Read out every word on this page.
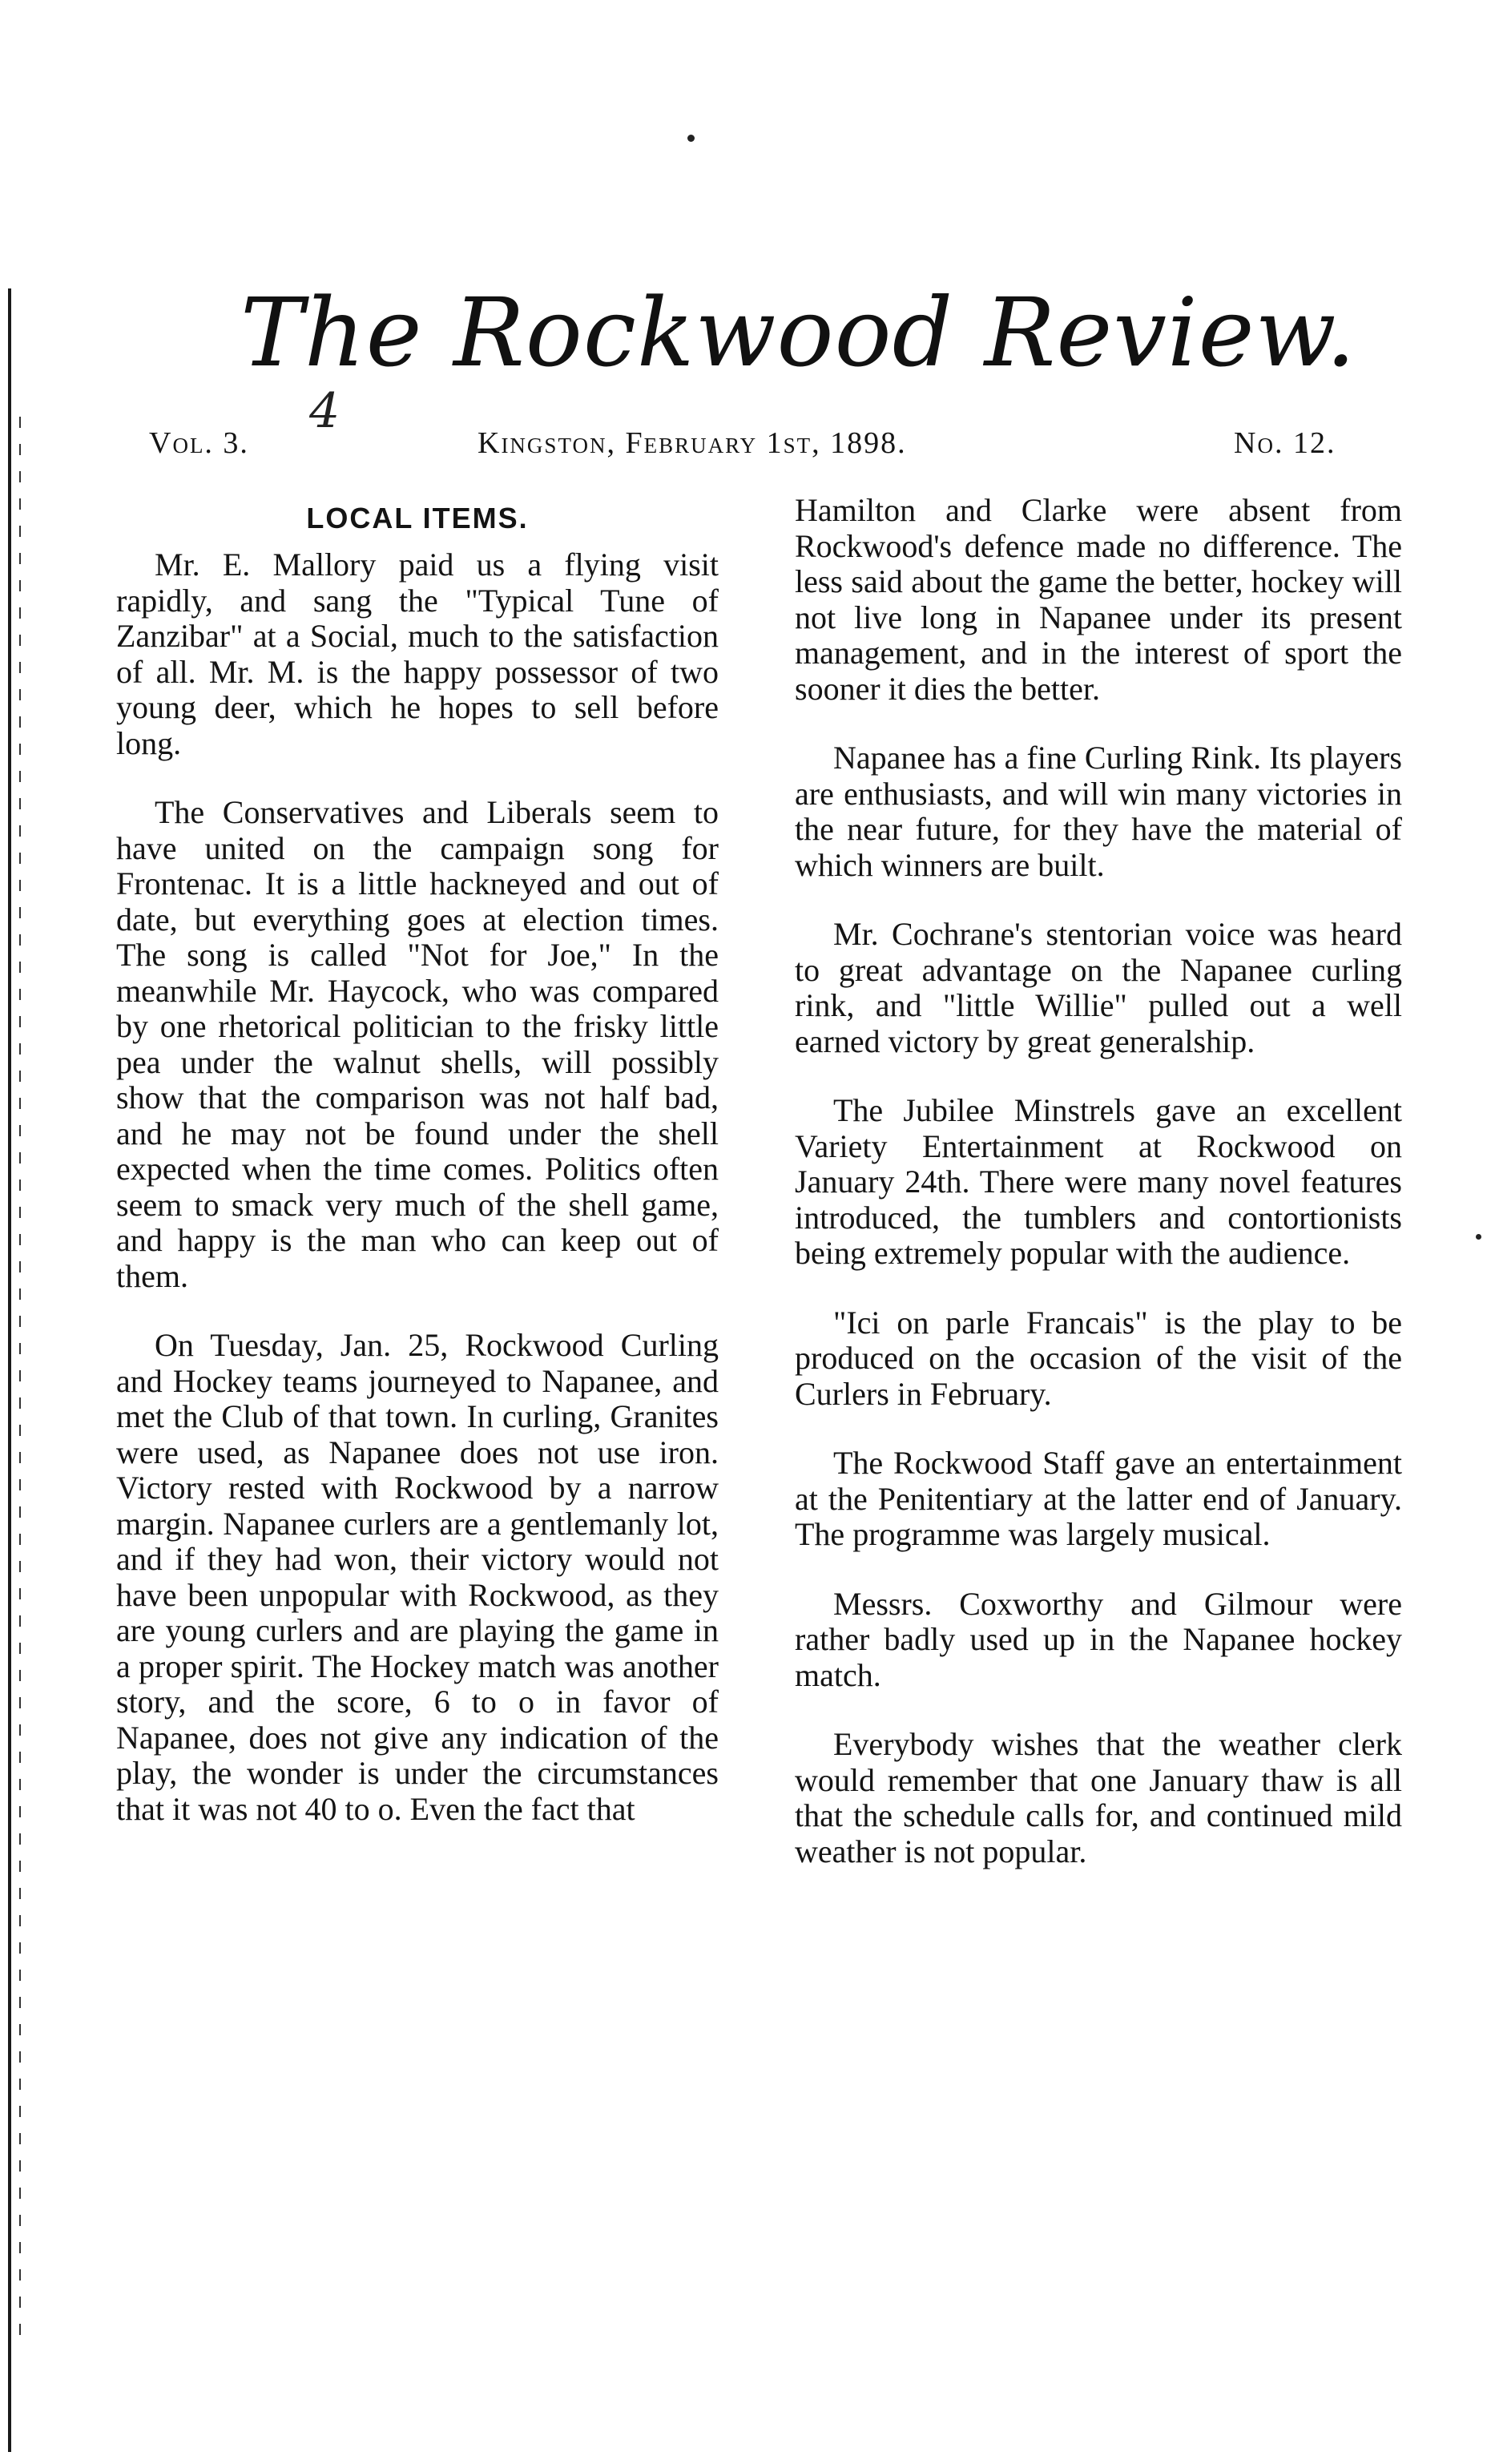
The Rockwood Review.
4
Vol. 3.	Kingston, February 1st, 1898.	No. 12.
LOCAL ITEMS.

Mr. E. Mallory paid us a flying visit rapidly, and sang the "Typical Tune of Zanzibar" at a Social, much to the satisfaction of all. Mr. M. is the happy possessor of two young deer, which he hopes to sell before long.

The Conservatives and Liberals seem to have united on the campaign song for Frontenac. It is a little hackneyed and out of date, but everything goes at election times. The song is called "Not for Joe," In the meanwhile Mr. Haycock, who was compared by one rhetorical politician to the frisky little pea under the walnut shells, will possibly show that the comparison was not half bad, and he may not be found under the shell expected when the time comes. Politics often seem to smack very much of the shell game, and happy is the man who can keep out of them.

On Tuesday, Jan. 25, Rockwood Curling and Hockey teams journeyed to Napanee, and met the Club of that town. In curling, Granites were used, as Napanee does not use iron. Victory rested with Rockwood by a narrow margin. Napanee curlers are a gentlemanly lot, and if they had won, their victory would not have been unpopular with Rockwood, as they are young curlers and are playing the game in a proper spirit. The Hockey match was another story, and the score, 6 to o in favor of Napanee, does not give any indication of the play, the wonder is under the circumstances that it was not 40 to o. Even the fact that

Hamilton and Clarke were absent from Rockwood's defence made no difference. The less said about the game the better, hockey will not live long in Napanee under its present management, and in the interest of sport the sooner it dies the better.

Napanee has a fine Curling Rink. Its players are enthusiasts, and will win many victories in the near future, for they have the material of which winners are built.

Mr. Cochrane's stentorian voice was heard to great advantage on the Napanee curling rink, and "little Willie" pulled out a well earned victory by great generalship.

The Jubilee Minstrels gave an excellent Variety Entertainment at Rockwood on January 24th. There were many novel features introduced, the tumblers and contortionists being extremely popular with the audience.

"Ici on parle Francais" is the play to be produced on the occasion of the visit of the Curlers in February.

The Rockwood Staff gave an entertainment at the Penitentiary at the latter end of January. The programme was largely musical.

Messrs. Coxworthy and Gilmour were rather badly used up in the Napanee hockey match.

Everybody wishes that the weather clerk would remember that one January thaw is all that the schedule calls for, and continued mild weather is not popular.
